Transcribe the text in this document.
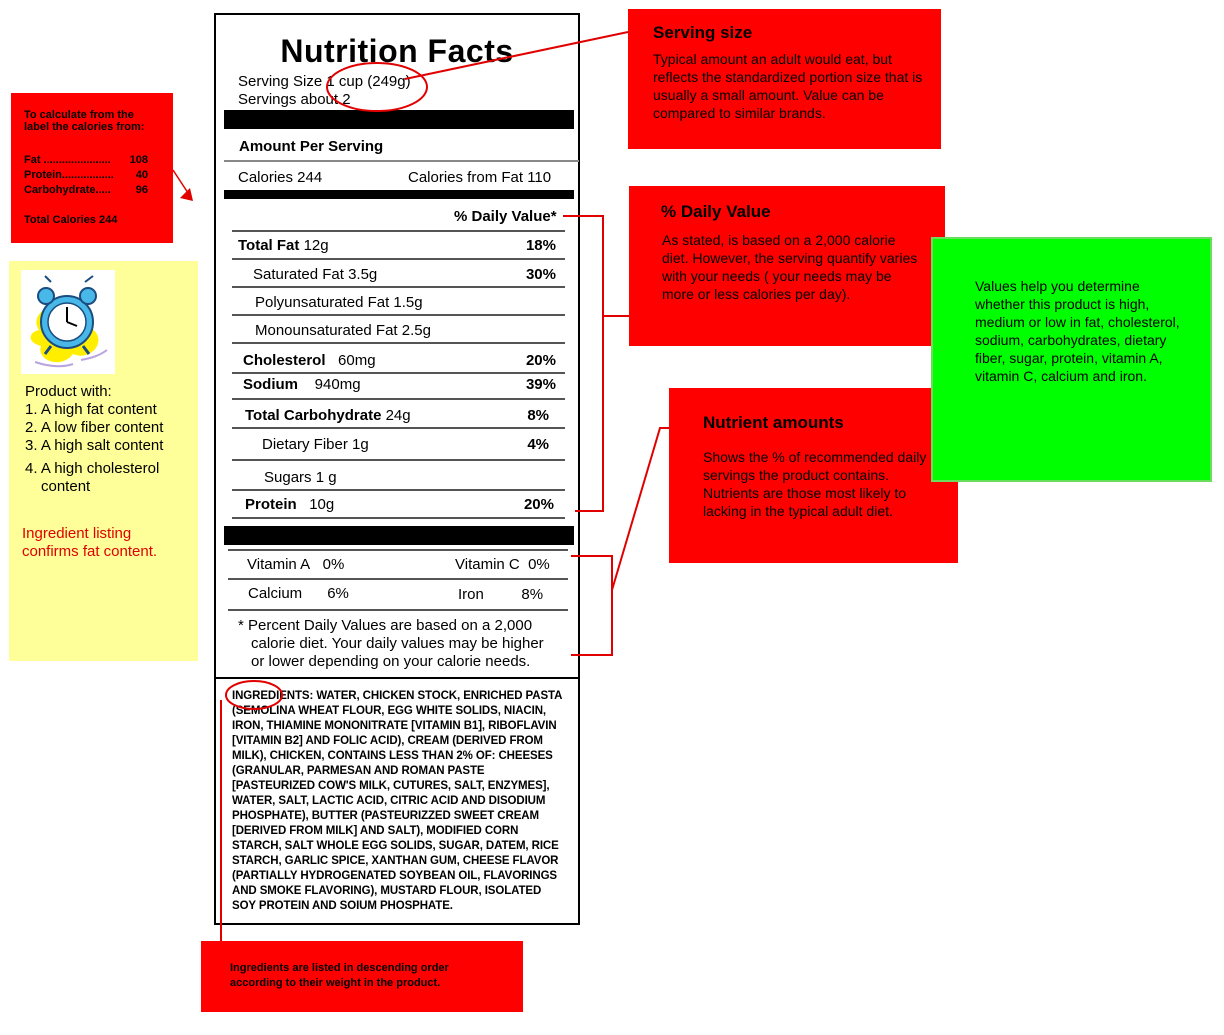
To calculate from the label the calories from:
Fat ...................... 108
Protein................. 40
Carbohydrate..... 96
Total Calories 244
Product with:
1. A high fat content
2. A low fiber content
3. A high salt content
4. A high cholesterol content
Ingredient listing confirms fat content.
Nutrition Facts
Serving Size 1 cup (249g)
Servings about 2
Amount Per Serving
Calories 244	Calories from Fat 110
% Daily Value*
Total Fat 12g	18%
Saturated Fat 3.5g	30%
Polyunsaturated Fat 1.5g
Monounsaturated Fat 2.5g
Cholesterol 60mg	20%
Sodium 940mg	39%
Total Carbohydrate 24g	8%
Dietary Fiber 1g	4%
Sugars 1 g
Protein 10g	20%
Vitamin A 0%	Vitamin C 0%
Calcium 6%	Iron	8%
* Percent Daily Values are based on a 2,000 calorie diet. Your daily values may be higher or lower depending on your calorie needs.
INGREDIENTS: WATER, CHICKEN STOCK, ENRICHED PASTA (SEMOLINA WHEAT FLOUR, EGG WHITE SOLIDS, NIACIN, IRON, THIAMINE MONONITRATE [VITAMIN B1], RIBOFLAVIN [VITAMIN B2] AND FOLIC ACID), CREAM (DERIVED FROM MILK), CHICKEN, CONTAINS LESS THAN 2% OF: CHEESES (GRANULAR, PARMESAN AND ROMAN PASTE [PASTEURIZED COW'S MILK, CUTURES, SALT, ENZYMES], WATER, SALT, LACTIC ACID, CITRIC ACID AND DISODIUM PHOSPHATE), BUTTER (PASTEURIZZED SWEET CREAM [DERIVED FROM MILK] AND SALT), MODIFIED CORN STARCH, SALT WHOLE EGG SOLIDS, SUGAR, DATEM, RICE STARCH, GARLIC SPICE, XANTHAN GUM, CHEESE FLAVOR (PARTIALLY HYDROGENATED SOYBEAN OIL, FLAVORINGS AND SMOKE FLAVORING), MUSTARD FLOUR, ISOLATED SOY PROTEIN AND SOIUM PHOSPHATE.
Serving size
Typical amount an adult would eat, but reflects the standardized portion size that is usually a small amount. Value can be compared to similar brands.
% Daily Value
As stated, is based on a 2,000 calorie diet. However, the serving quantify varies with your needs ( your needs may be more or less calories per day).
Nutrient amounts
Shows the % of recommended daily servings the product contains. Nutrients are those most likely to lacking in the typical adult diet.
Values help you determine whether this product is high, medium or low in fat, cholesterol, sodium, carbohydrates, dietary fiber, sugar, protein, vitamin A, vitamin C, calcium and iron.
Ingredients are listed in descending order according to their weight in the product.
